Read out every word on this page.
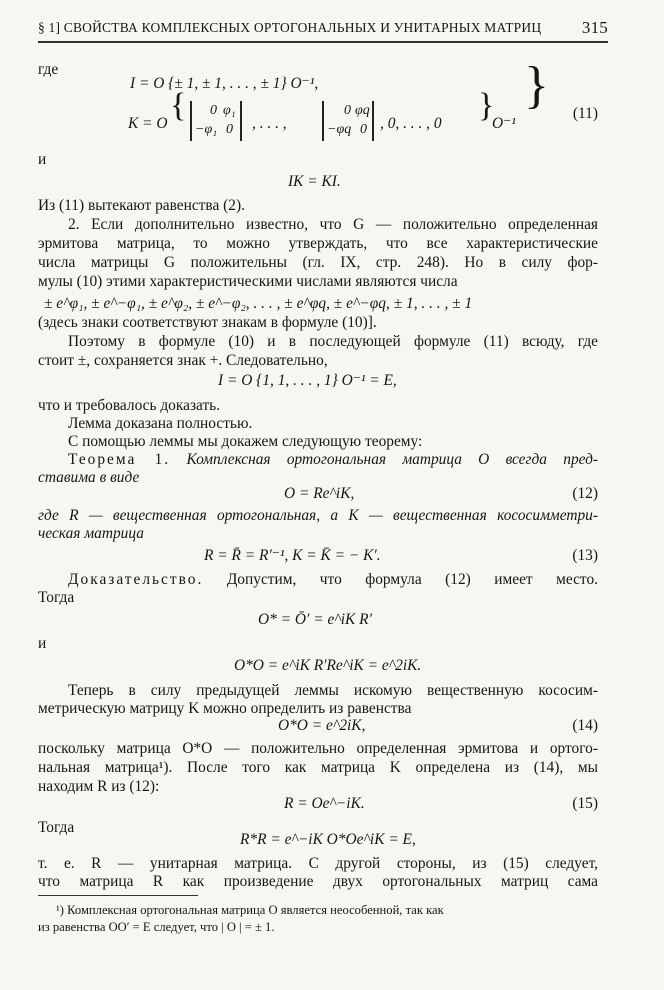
§ 1] СВОЙСТВА КОМПЛЕКСНЫХ ОРТОГОНАЛЬНЫХ И УНИТАРНЫХ МАТРИЦ 315
где
I = O {± 1, ± 1, . . . , ± 1} O⁻¹,
K = O { 0 φ₁
−φ₁ 0 , . . . ,
0 φq
−φq 0 , 0, . . . , 0 }
O⁻¹
} (11)
и
IK = KI.
Из (11) вытекают равенства (2).
2. Если дополнительно известно, что G — положительно определенная
эрмитова матрица, то можно утверждать, что все характеристические
числа матрицы G положительны (гл. IX, стр. 248). Но в силу фор-
мулы (10) этими характеристическими числами являются числа
± e^φ₁, ± e^−φ₁, ± e^φ₂, ± e^−φ₂, . . . , ± e^φq, ± e^−φq, ± 1, . . . , ± 1
(здесь знаки соответствуют знакам в формуле (10)].
Поэтому в формуле (10) и в последующей формуле (11) всюду, где
стоит ±, сохраняется знак +. Следовательно,
I = O {1, 1, . . . , 1} O⁻¹ = E,
что и требовалось доказать.
Лемма доказана полностью.
С помощью леммы мы докажем следующую теорему:
Теорема 1. Комплексная ортогональная матрица O всегда пред-
ставима в виде
O = Re^iK,	(12)
где R — вещественная ортогональная, а K — вещественная кососимметри-
ческая матрица
R = R̄ = R′⁻¹, K = K̄ = − K′.	(13)
Доказательство. Допустим, что формула (12) имеет место.
Тогда
O* = Ō′ = e^iK R′
и
O*O = e^iK R′Re^iK = e^2iK.
Теперь в силу предыдущей леммы искомую вещественную кососим-
метрическую матрицу K можно определить из равенства
O*O = e^2iK,	(14)
поскольку матрица O*O — положительно определенная эрмитова и ортого-
нальная матрица¹). После того как матрица K определена из (14), мы
находим R из (12):
R = Oe^−iK.	(15)
Тогда
R*R = e^−iK O*Oe^iK = E,
т. е. R — унитарная матрица. С другой стороны, из (15) следует,
что матрица R как произведение двух ортогональных матриц сама
¹) Комплексная ортогональная матрица O является неособенной, так как
из равенства OO′ = E следует, что | O | = ± 1.
